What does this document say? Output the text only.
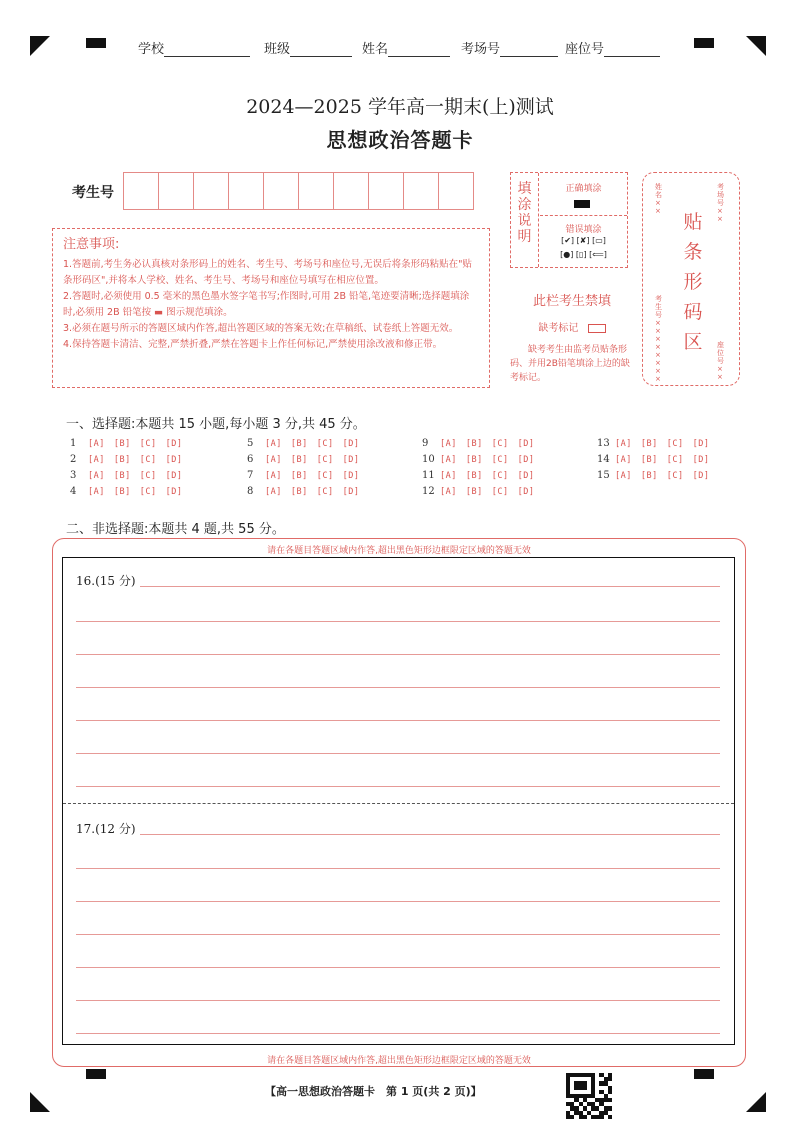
学校	班级	姓名	考场号	座位号
2024—2025 学年高一期末(上)测试
思想政治答题卡
考生号
注意事项:

1.答题前,考生务必认真核对条形码上的姓名、考生号、考场号和座位号,无误后将条形码粘贴在"贴条形码区",并将本人学校、姓名、考生号、考场号和座位号填写在相应位置。

2.答题时,必须使用 0.5 毫米的黑色墨水签字笔书写;作图时,可用 2B 铅笔,笔迹要清晰;选择题填涂时,必须用 2B 铅笔按 ▬ 图示规范填涂。

3.必须在题号所示的答题区域内作答,超出答题区域的答案无效;在草稿纸、试卷纸上答题无效。

4.保持答题卡清洁、完整,严禁折叠,严禁在答题卡上作任何标记,严禁使用涂改液和修正带。

填涂说明
正确填涂
错误填涂
[✔] [✘] [▭]
[●] [▯] [⟸]
此栏考生禁填
缺考标记
缺考考生由监考员贴条形码、并用2B铅笔填涂上边的缺考标记。
姓名××
考场号××
贴条形码区
考生号××××××××
座位号××
一、选择题:本题共 15 小题,每小题 3 分,共 45 分。
1 [A] [B] [C] [D]
2 [A] [B] [C] [D]
3 [A] [B] [C] [D]
4 [A] [B] [C] [D]
5 [A] [B] [C] [D]
6 [A] [B] [C] [D]
7 [A] [B] [C] [D]
8 [A] [B] [C] [D]
9 [A] [B] [C] [D]
10 [A] [B] [C] [D]
11 [A] [B] [C] [D]
12 [A] [B] [C] [D]
13 [A] [B] [C] [D]
14 [A] [B] [C] [D]
15 [A] [B] [C] [D]
二、非选择题:本题共 4 题,共 55 分。
请在各题目答题区域内作答,超出黑色矩形边框限定区域的答题无效
16.(15 分)
17.(12 分)
请在各题目答题区域内作答,超出黑色矩形边框限定区域的答题无效
【高一思想政治答题卡　第 1 页(共 2 页)】
